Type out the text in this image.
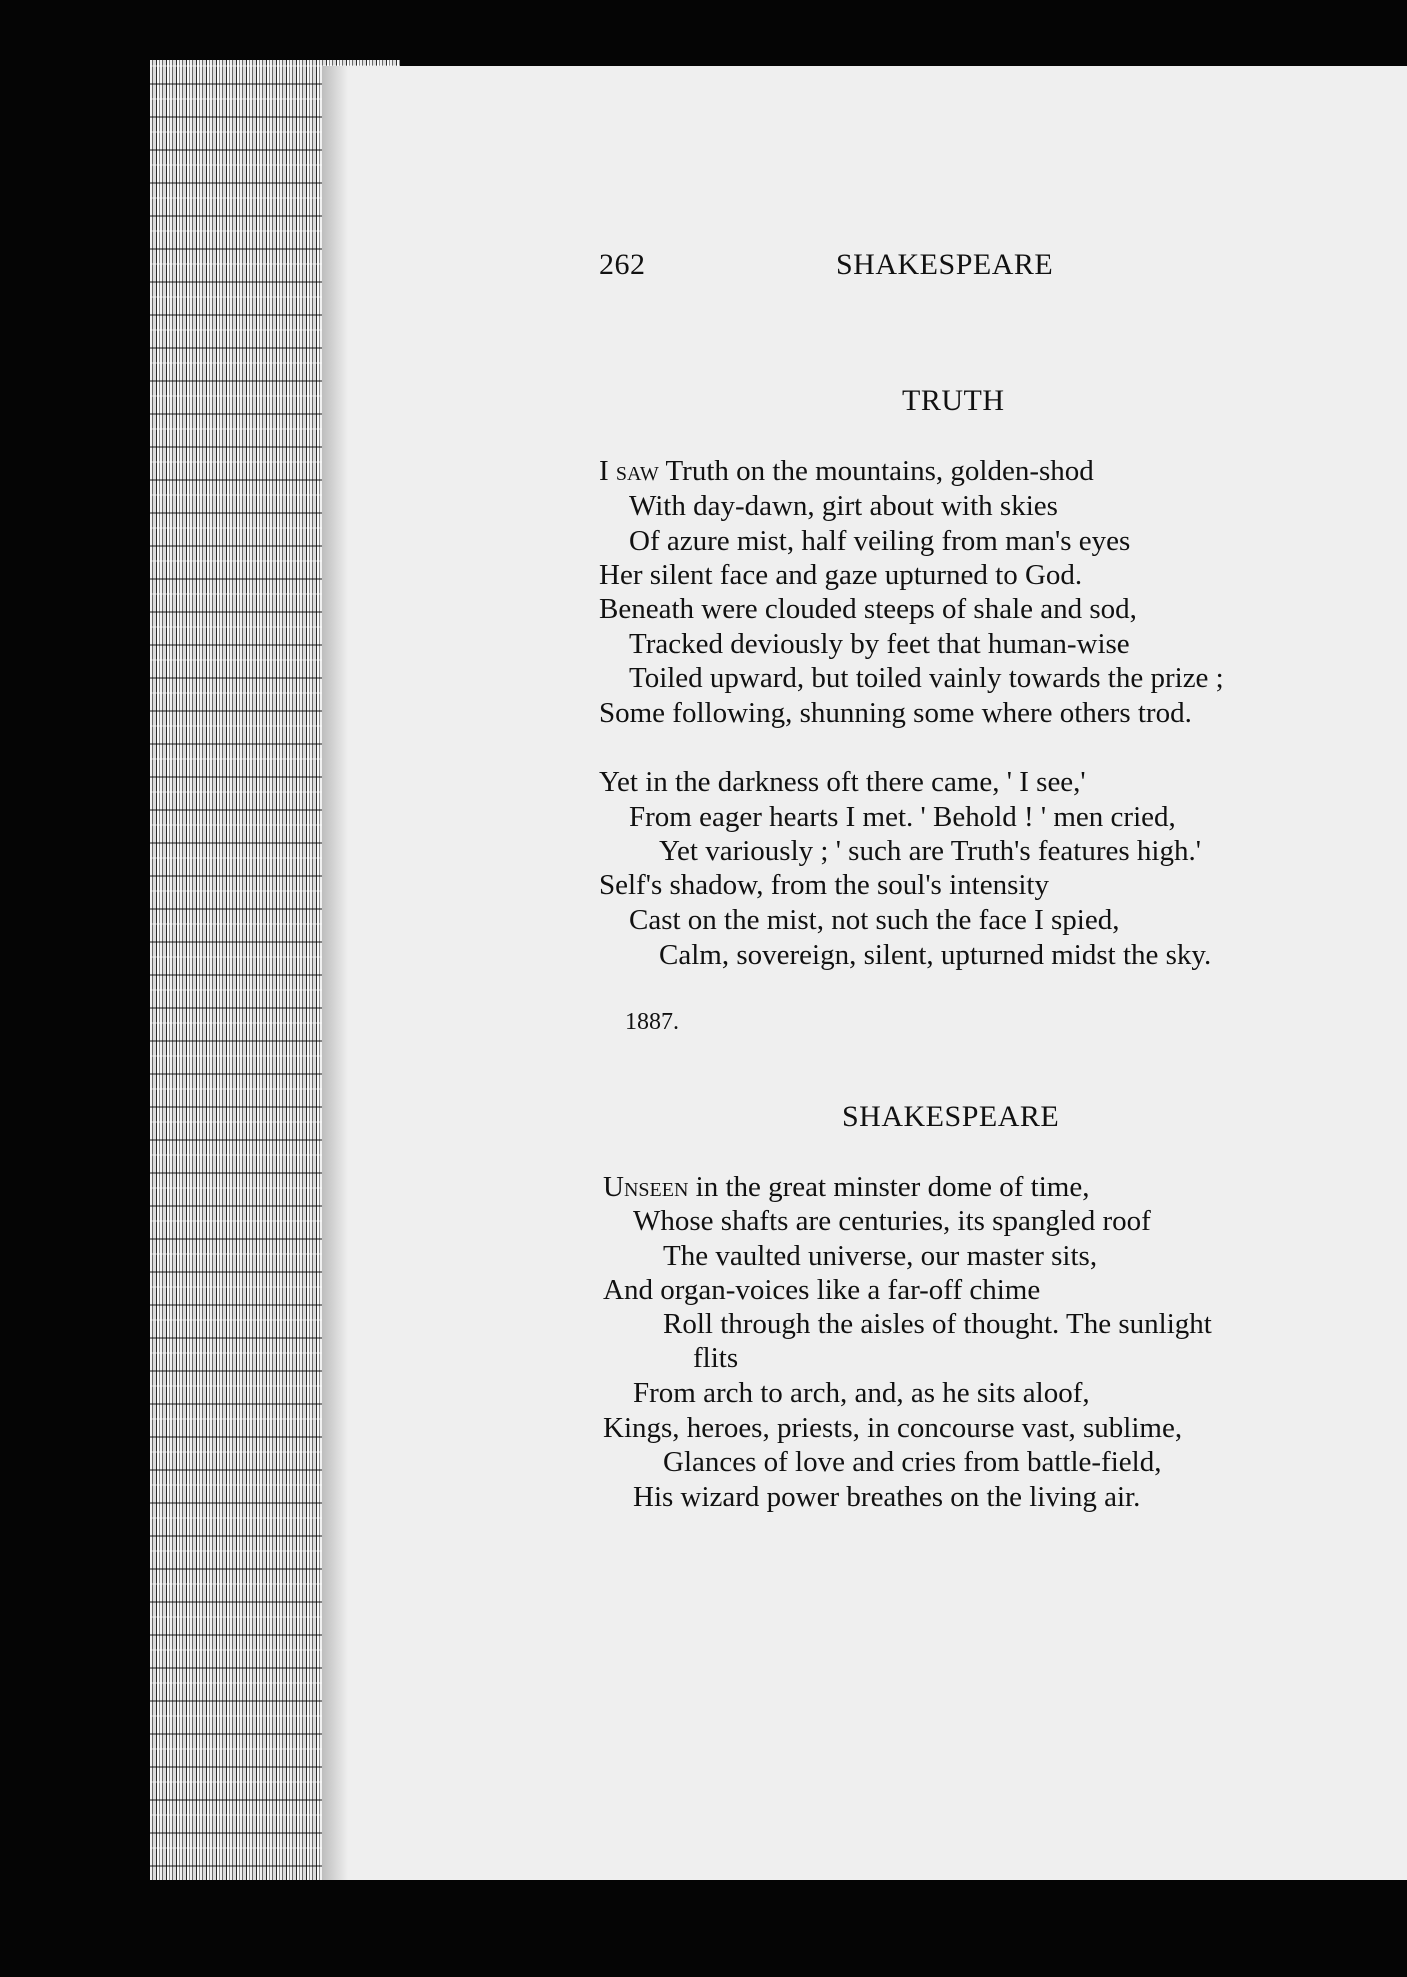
262	SHAKESPEARE

TRUTH

I saw Truth on the mountains, golden-shod

With day-dawn, girt about with skies

Of azure mist, half veiling from man's eyes

Her silent face and gaze upturned to God.

Beneath were clouded steeps of shale and sod,

Tracked deviously by feet that human-wise

Toiled upward, but toiled vainly towards the prize ;

Some following, shunning some where others trod.

Yet in the darkness oft there came, ' I see,'

From eager hearts I met. ' Behold ! ' men cried,

Yet variously ; ' such are Truth's features high.'

Self's shadow, from the soul's intensity

Cast on the mist, not such the face I spied,

Calm, sovereign, silent, upturned midst the sky.

1887.

SHAKESPEARE

Unseen in the great minster dome of time,

Whose shafts are centuries, its spangled roof

The vaulted universe, our master sits,

And organ-voices like a far-off chime

Roll through the aisles of thought. The sunlight

flits

From arch to arch, and, as he sits aloof,

Kings, heroes, priests, in concourse vast, sublime,

Glances of love and cries from battle-field,

His wizard power breathes on the living air.
